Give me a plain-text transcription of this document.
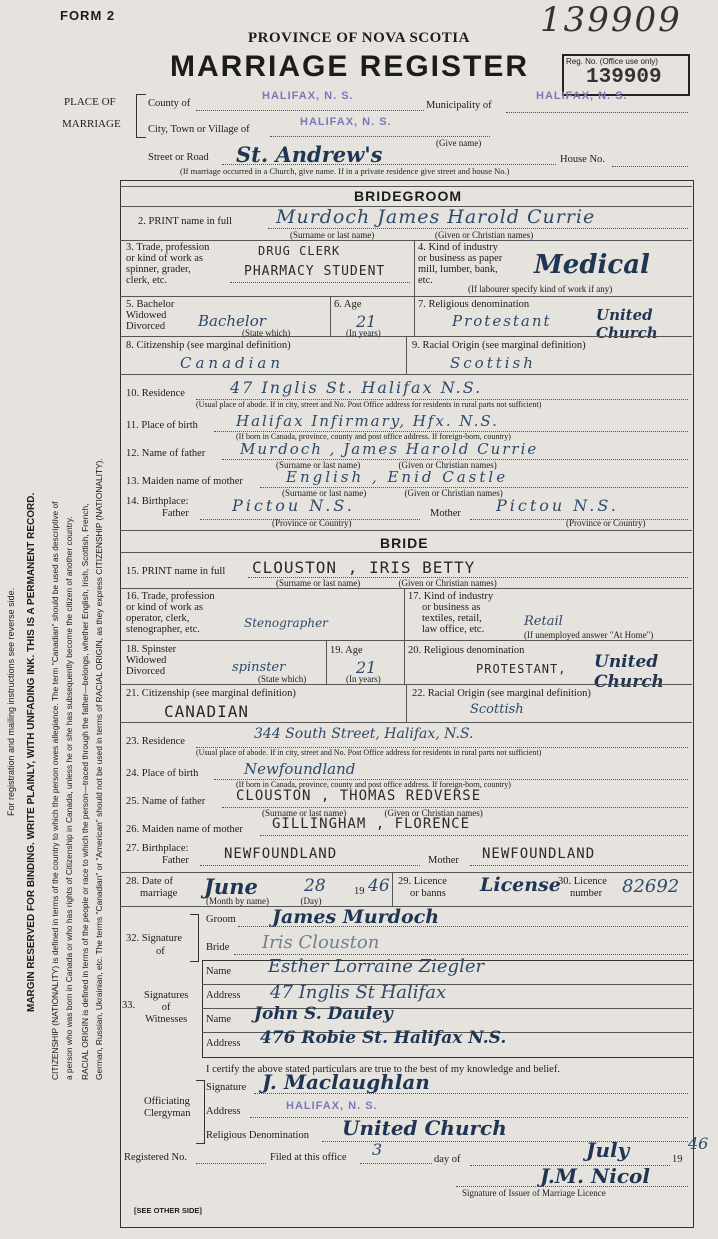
FORM 2	139909
PROVINCE OF NOVA SCOTIA
MARRIAGE REGISTER	Reg. No. (Office use only)
139909
PLACE OF
MARRIAGE
County of
HALIFAX, N. S.
Municipality of
HALIFAX, N. S.
City, Town or Village of
HALIFAX, N. S.
(Give name)
Street or Road St. Andrew's	House No.
(If marriage occurred in a Church, give name. If in a private residence give street and house No.)
BRIDEGROOM
2. PRINT name in full Murdoch James Harold Currie
(Surname or last name)                           (Given or Christian names)
3. Trade, profession
or kind of work as
spinner, grader,
clerk, etc.
DRUG CLERK
PHARMACY STUDENT
4. Kind of industry
or business as paper
mill, lumber, bank,
etc.
Medical
(If labourer specify kind of work if any)
5. Bachelor
Widowed
Divorced	Bachelor
(State which)
6. Age
21
(In years)
7. Religious denomination
Protestant	United Church
8. Citizenship (see marginal definition)
Canadian
9. Racial Origin (see marginal definition)
Scottish
10. Residence	47 Inglis St. Halifax N.S.
(Usual place of abode. If in city, street and No. Post Office address for residents in rural parts not sufficient)
11. Place of birth	Halifax Infirmary, Hfx. N.S.
(If born in Canada, province, county and post office address. If foreign-born, country)
12. Name of father Murdoch , James Harold Currie
(Surname or last name)                 (Given or Christian names)
13. Maiden name of mother	English , Enid Castle
(Surname or last name)                 (Given or Christian names)
14. Birthplace:
Father	Pictou N.S.
(Province or Country)
Mother Pictou N.S.
(Province or Country)
BRIDE
15. PRINT name in full CLOUSTON , IRIS BETTY
(Surname or last name)                 (Given or Christian names)
16. Trade, profession
or kind of work as
operator, clerk,
stenographer, etc.	Stenographer
17. Kind of industry
or business as
textiles, retail,
law office, etc.
Retail
(If unemployed answer "At Home")
18. Spinster
Widowed
Divorced	spinster
(State which)
19. Age
21
(In years)
20. Religious denomination
PROTESTANT, United Church
21. Citizenship (see marginal definition)
CANADIAN
22. Racial Origin (see marginal definition)
Scottish
23. Residence	344 South Street, Halifax, N.S.
(Usual place of abode. If in city, street and No. Post Office address for residents in rural parts not sufficient)
24. Place of birth	Newfoundland
(If born in Canada, province, county and post office address. If foreign-born, country)
25. Name of father CLOUSTON , THOMAS REDVERSE
(Surname or last name)                 (Given or Christian names)
26. Maiden name of mother GILLINGHAM , FLORENCE
27. Birthplace:
Father	NEWFOUNDLAND	Mother NEWFOUNDLAND
28. Date of
marriage June	28	19 46
(Month by name)              (Day)
29. Licence
or banns License
30. Licence
number 82692
32. Signature
of
Groom James Murdoch
Bride Iris Clouston
33.
Signatures
of
Witnesses
Name Esther Lorraine Ziegler
Address 47 Inglis St Halifax
Name John S. Dauley
Address 476 Robie St. Halifax N.S.
I certify the above stated particulars are true to the best of my knowledge and belief.
Officiating
Clergyman
Signature J. Maclaughlan
Address	HALIFAX, N. S.
Religious Denomination United Church
Registered No.	Filed at this office 3
day of	July	19
46
J.M. Nicol
Signature of Issuer of Marriage Licence
[SEE OTHER SIDE]
For registration and mailing instructions see reverse side. MARGIN RESERVED FOR BINDING. WRITE PLAINLY, WITH UNFADING INK. THIS IS A PERMANENT RECORD. CITIZENSHIP (NATIONALITY) is defined in terms of the country to which the person owes allegiance. The term "Canadian" should be used as descriptive of a person who was born in Canada or who has rights of Citizenship in Canada, unless he or she has subsequently become the citizen of another country. RACIAL ORIGIN is defined in terms of the people or race to which the person—traced through the father—belongs, whether English, Irish, Scottish, French, German, Russian, Ukrainian, etc. The terms "Canadian" or "American" should not be used in terms of RACIAL ORIGIN, as they express CITIZENSHIP (NATIONALITY).
